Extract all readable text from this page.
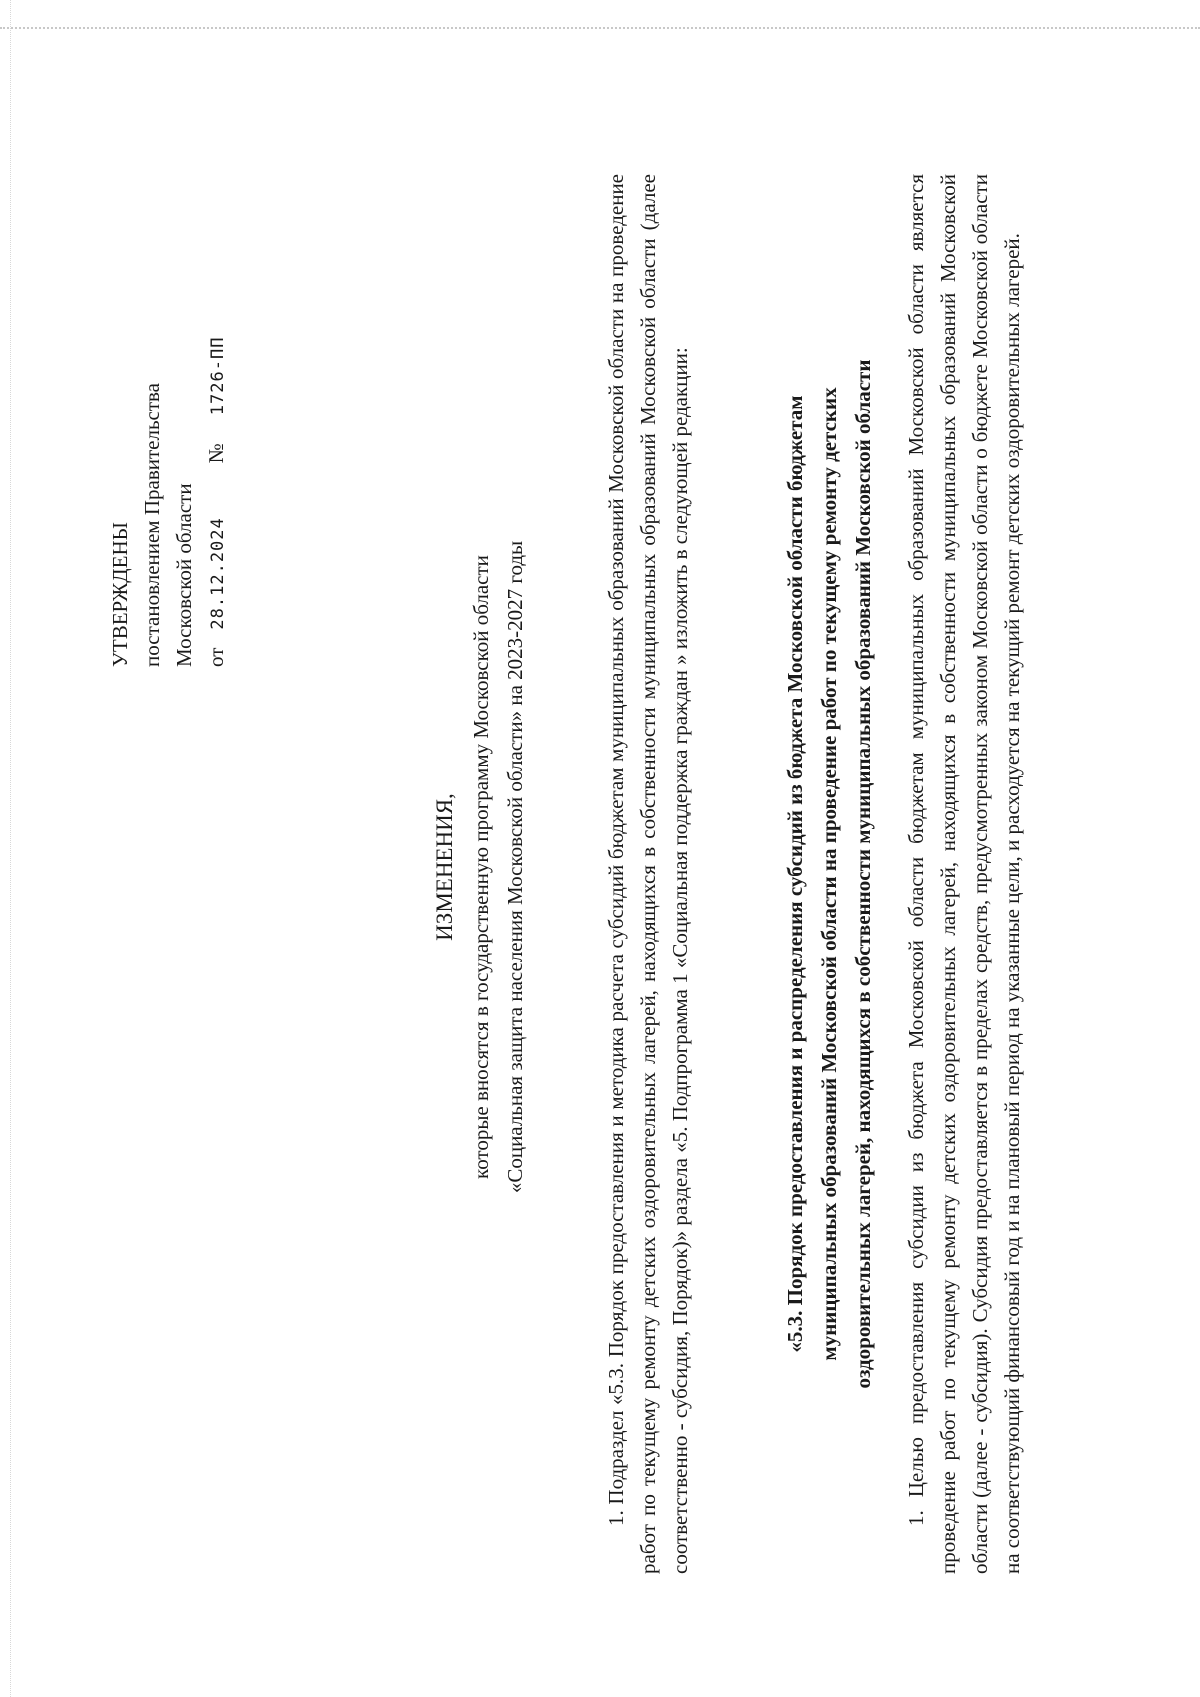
УТВЕРЖДЕНЫ постановлением Правительства Московской области от28.12.2024№1726-ПП
ИЗМЕНЕНИЯ, которые вносятся в государственную программу Московской области «Социальная защита населения Московской области» на 2023-2027 годы	1. Подраздел «5.3. Порядок предоставления и методика расчета субсидий бюджетам муниципальных образований Московской области на проведение работ по текущему ремонту детских оздоровительных лагерей, находящихся в собственности муниципальных образований Московской области (далее соответственно - субсидия, Порядок)» раздела «5. Подпрограмма 1 «Социальная поддержка граждан » изложить в следующей редакции:	«5.3. Порядок предоставления и распределения субсидий из бюджета Московской области бюджетам муниципальных образований Московской области на проведение работ по текущему ремонту детских оздоровительных лагерей, находящихся в собственности муниципальных образований Московской области 1. Целью предоставления субсидии из бюджета Московской области бюджетам муниципальных образований Московской области является проведение работ по текущему ремонту детских оздоровительных лагерей, находящихся в собственности муниципальных образований Московской области (далее - субсидия). Субсидия предоставляется в пределах средств, предусмотренных законом Московской области о бюджете Московской области на соответствующий финансовый год и на плановый период на указанные цели, и расходуется на текущий ремонт детских оздоровительных лагерей.
